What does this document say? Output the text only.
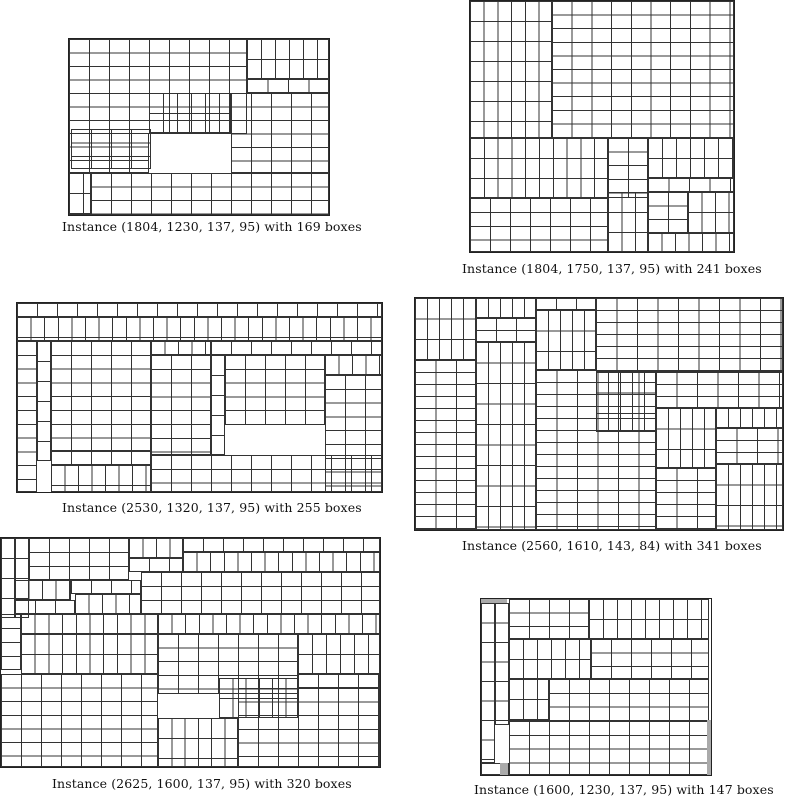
Instance (1804, 1230, 137, 95) with 169 boxes
Instance (1804, 1750, 137, 95) with 241 boxes
Instance (2530, 1320, 137, 95) with 255 boxes
Instance (2560, 1610, 143, 84) with 341 boxes
Instance (2625, 1600, 137, 95) with 320 boxes	Instance (1600, 1230, 137, 95) with 147 boxes
